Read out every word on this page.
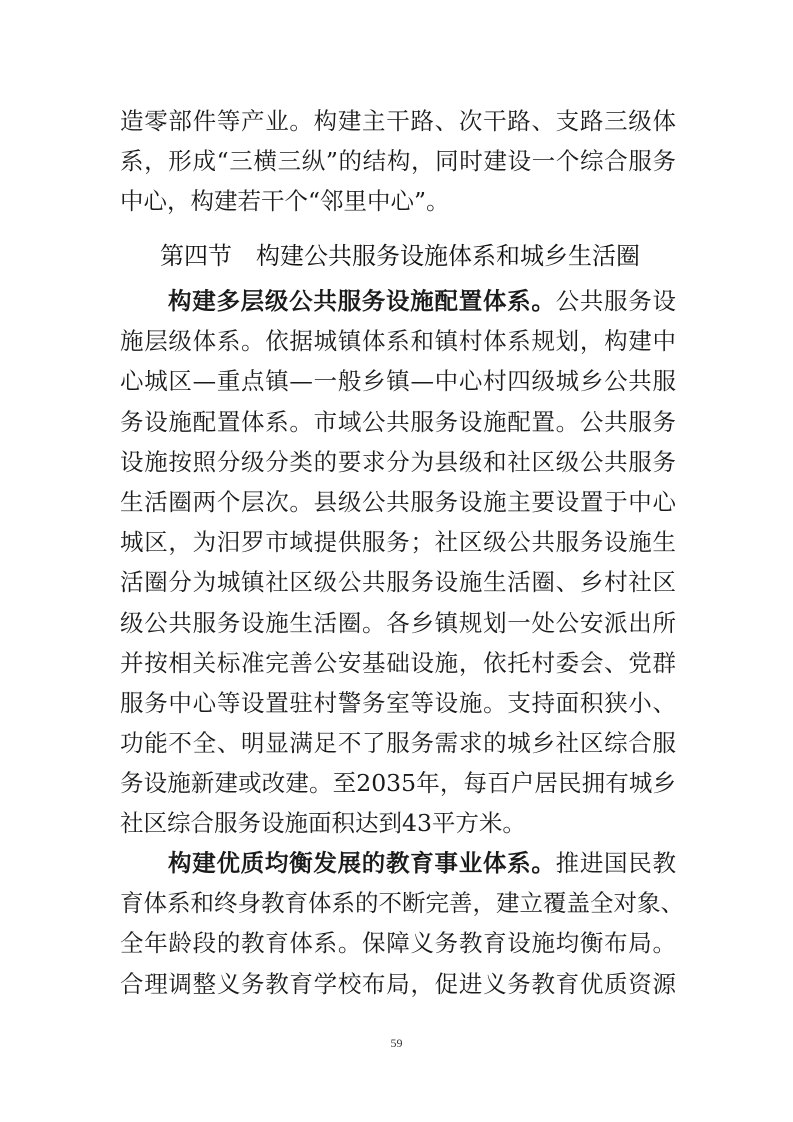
造零部件等产业。构建主干路、次干路、支路三级体
系，形成“三横三纵”的结构，同时建设一个综合服务
中心，构建若干个“邻里中心”。
第四节 构建公共服务设施体系和城乡生活圈
构建多层级公共服务设施配置体系。公共服务设
施层级体系。依据城镇体系和镇村体系规划，构建中
心城区—重点镇—一般乡镇—中心村四级城乡公共服
务设施配置体系。市域公共服务设施配置。公共服务
设施按照分级分类的要求分为县级和社区级公共服务
生活圈两个层次。县级公共服务设施主要设置于中心
城区，为汨罗市域提供服务；社区级公共服务设施生
活圈分为城镇社区级公共服务设施生活圈、乡村社区
级公共服务设施生活圈。各乡镇规划一处公安派出所
并按相关标准完善公安基础设施，依托村委会、党群
服务中心等设置驻村警务室等设施。支持面积狭小、
功能不全、明显满足不了服务需求的城乡社区综合服
务设施新建或改建。至2035年，每百户居民拥有城乡
社区综合服务设施面积达到43平方米。
构建优质均衡发展的教育事业体系。推进国民教
育体系和终身教育体系的不断完善，建立覆盖全对象、
全年龄段的教育体系。保障义务教育设施均衡布局。
合理调整义务教育学校布局，促进义务教育优质资源
59
